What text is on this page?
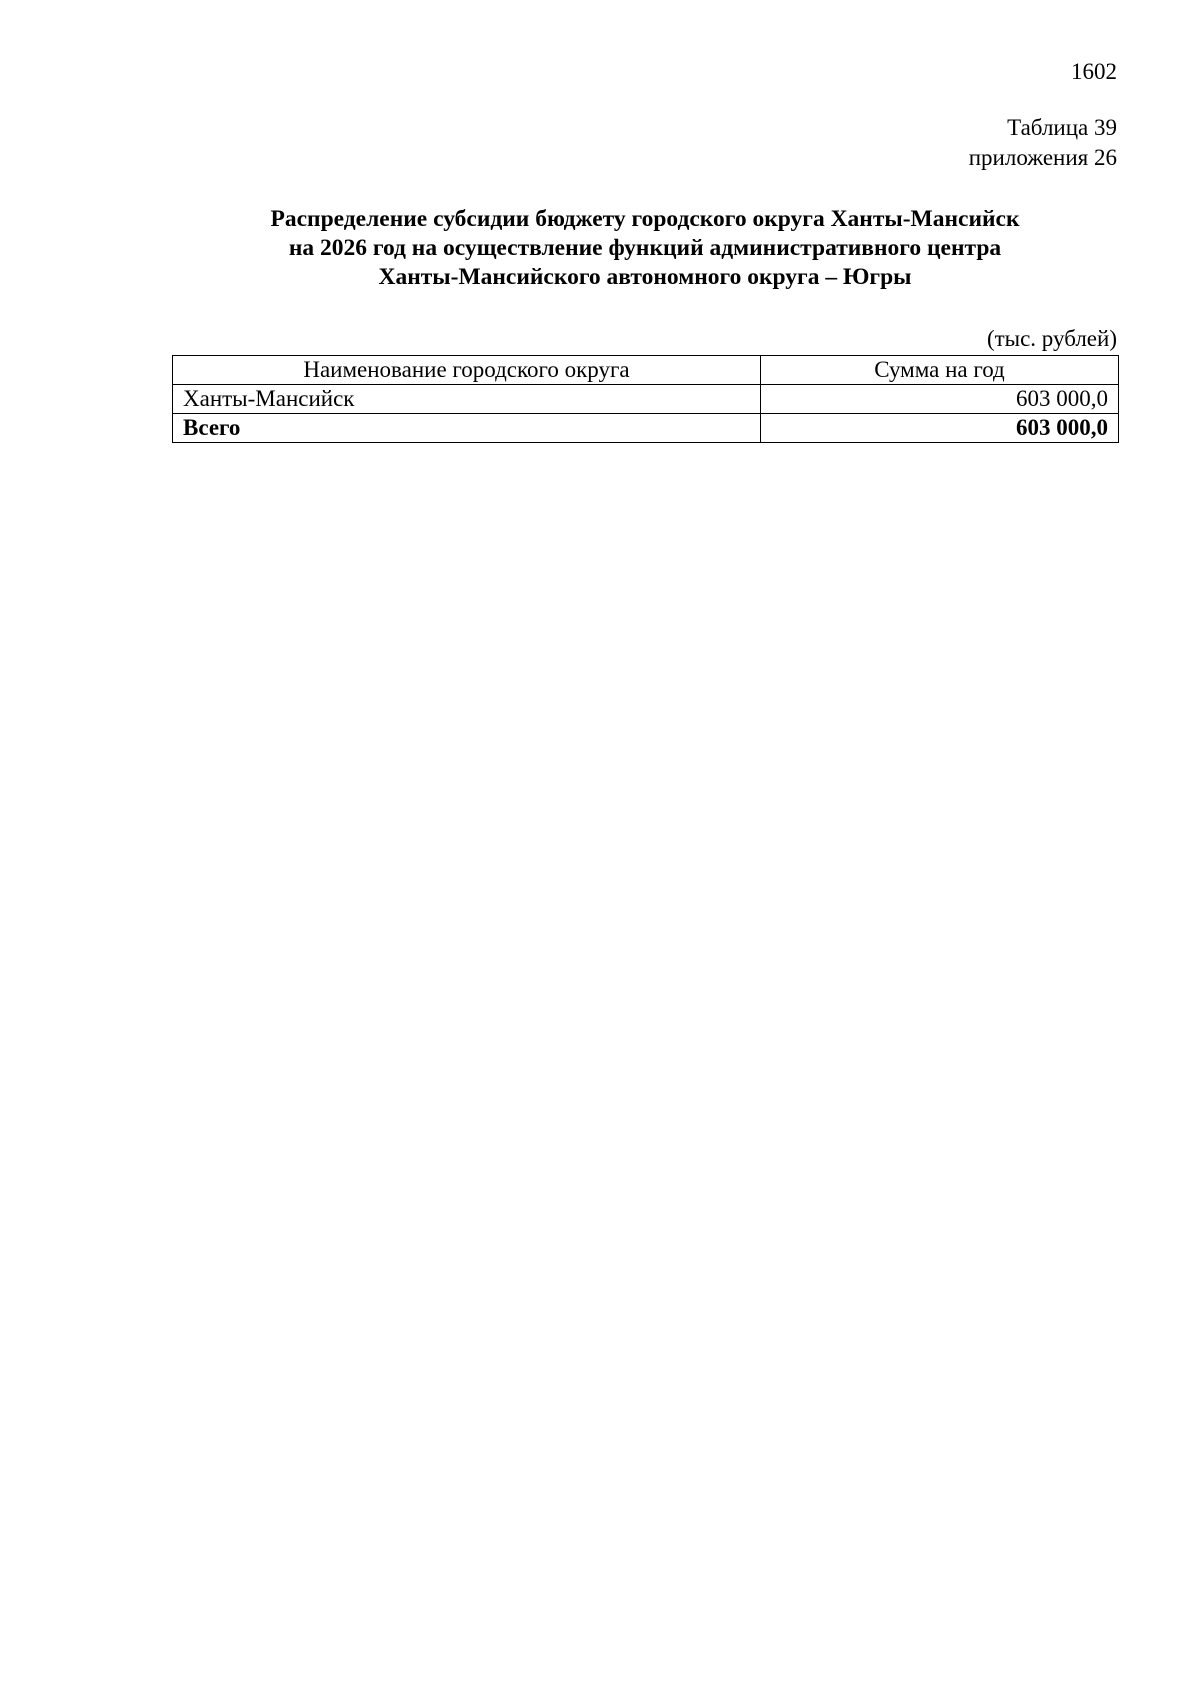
1602
Таблица 39
приложения 26
Распределение субсидии бюджету городского округа Ханты-Мансийск
на 2026 год на осуществление функций административного центра
Ханты-Мансийского автономного округа – Югры
(тыс. рублей)
Наименование городского округа	Сумма на год
Ханты-Мансийск	603 000,0
Всего	603 000,0
